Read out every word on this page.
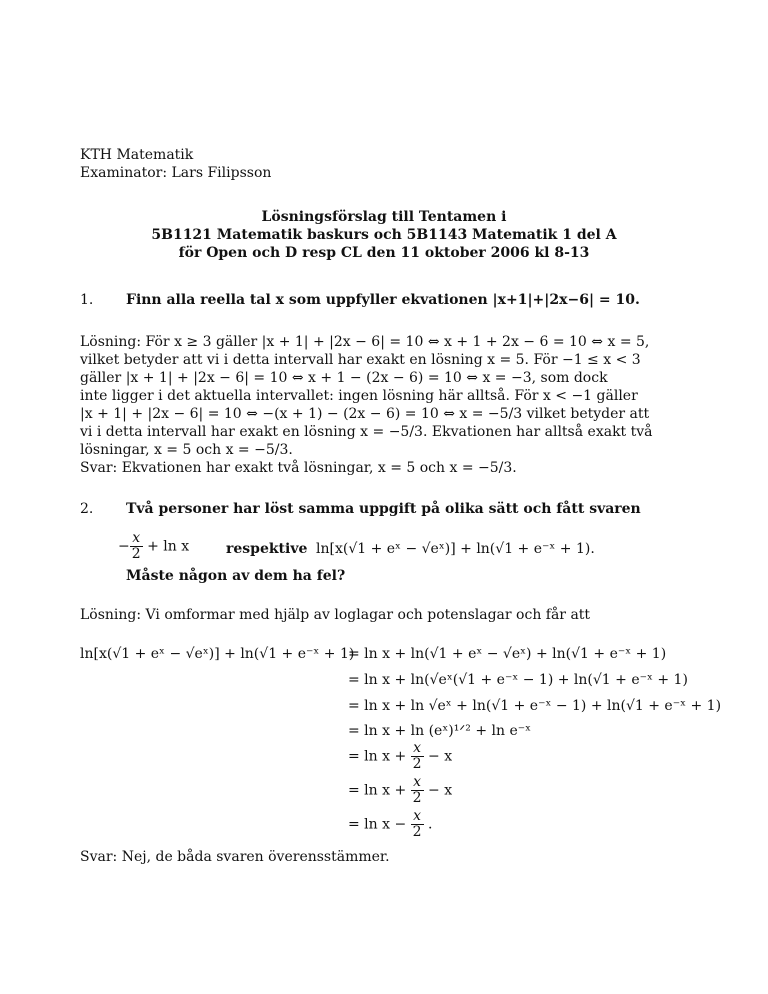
KTH Matematik
Examinator: Lars Filipsson
Lösningsförslag till Tentamen i
5B1121 Matematik baskurs och 5B1143 Matematik 1 del A
för Open och D resp CL den 11 oktober 2006 kl 8-13
1. Finn alla reella tal x som uppfyller ekvationen |x+1|+|2x−6| = 10.
Lösning: För x ≥ 3 gäller |x + 1| + |2x − 6| = 10 ⇔ x + 1 + 2x − 6 = 10 ⇔ x = 5,
vilket betyder att vi i detta intervall har exakt en lösning x = 5. För −1 ≤ x < 3
gäller |x + 1| + |2x − 6| = 10 ⇔ x + 1 − (2x − 6) = 10 ⇔ x = −3, som dock
inte ligger i det aktuella intervallet: ingen lösning här alltså. För x < −1 gäller
|x + 1| + |2x − 6| = 10 ⇔ −(x + 1) − (2x − 6) = 10 ⇔ x = −5/3 vilket betyder att
vi i detta intervall har exakt en lösning x = −5/3. Ekvationen har alltså exakt två
lösningar, x = 5 och x = −5/3.
Svar: Ekvationen har exakt två lösningar, x = 5 och x = −5/3.
2. Två personer har löst samma uppgift på olika sätt och fått svaren
− $\frac{x}{2} + \ln x$	respektive ln[x(√1 + eˣ − √eˣ)] + ln(√1 + e⁻ˣ + 1).
Måste någon av dem ha fel?
Lösning: Vi omformar med hjälp av loglagar och potenslagar och får att
ln[x(√1 + eˣ − √eˣ)] + ln(√1 + e⁻ˣ + 1)
= ln x + ln(√1 + eˣ − √eˣ) + ln(√1 + e⁻ˣ + 1)
= ln x + ln(√eˣ(√1 + e⁻ˣ − 1) + ln(√1 + e⁻ˣ + 1)
= ln x + ln √eˣ + ln(√1 + e⁻ˣ − 1) + ln(√1 + e⁻ˣ + 1)
= ln x + ln (eˣ)¹ᐟ² + ln e⁻ˣ
= $\ln x + \frac{x}{2} - x$
= $\ln x + \frac{x}{2} - x$
= $\ln x - \frac{x}{2}$ .
Svar: Nej, de båda svaren överensstämmer.
